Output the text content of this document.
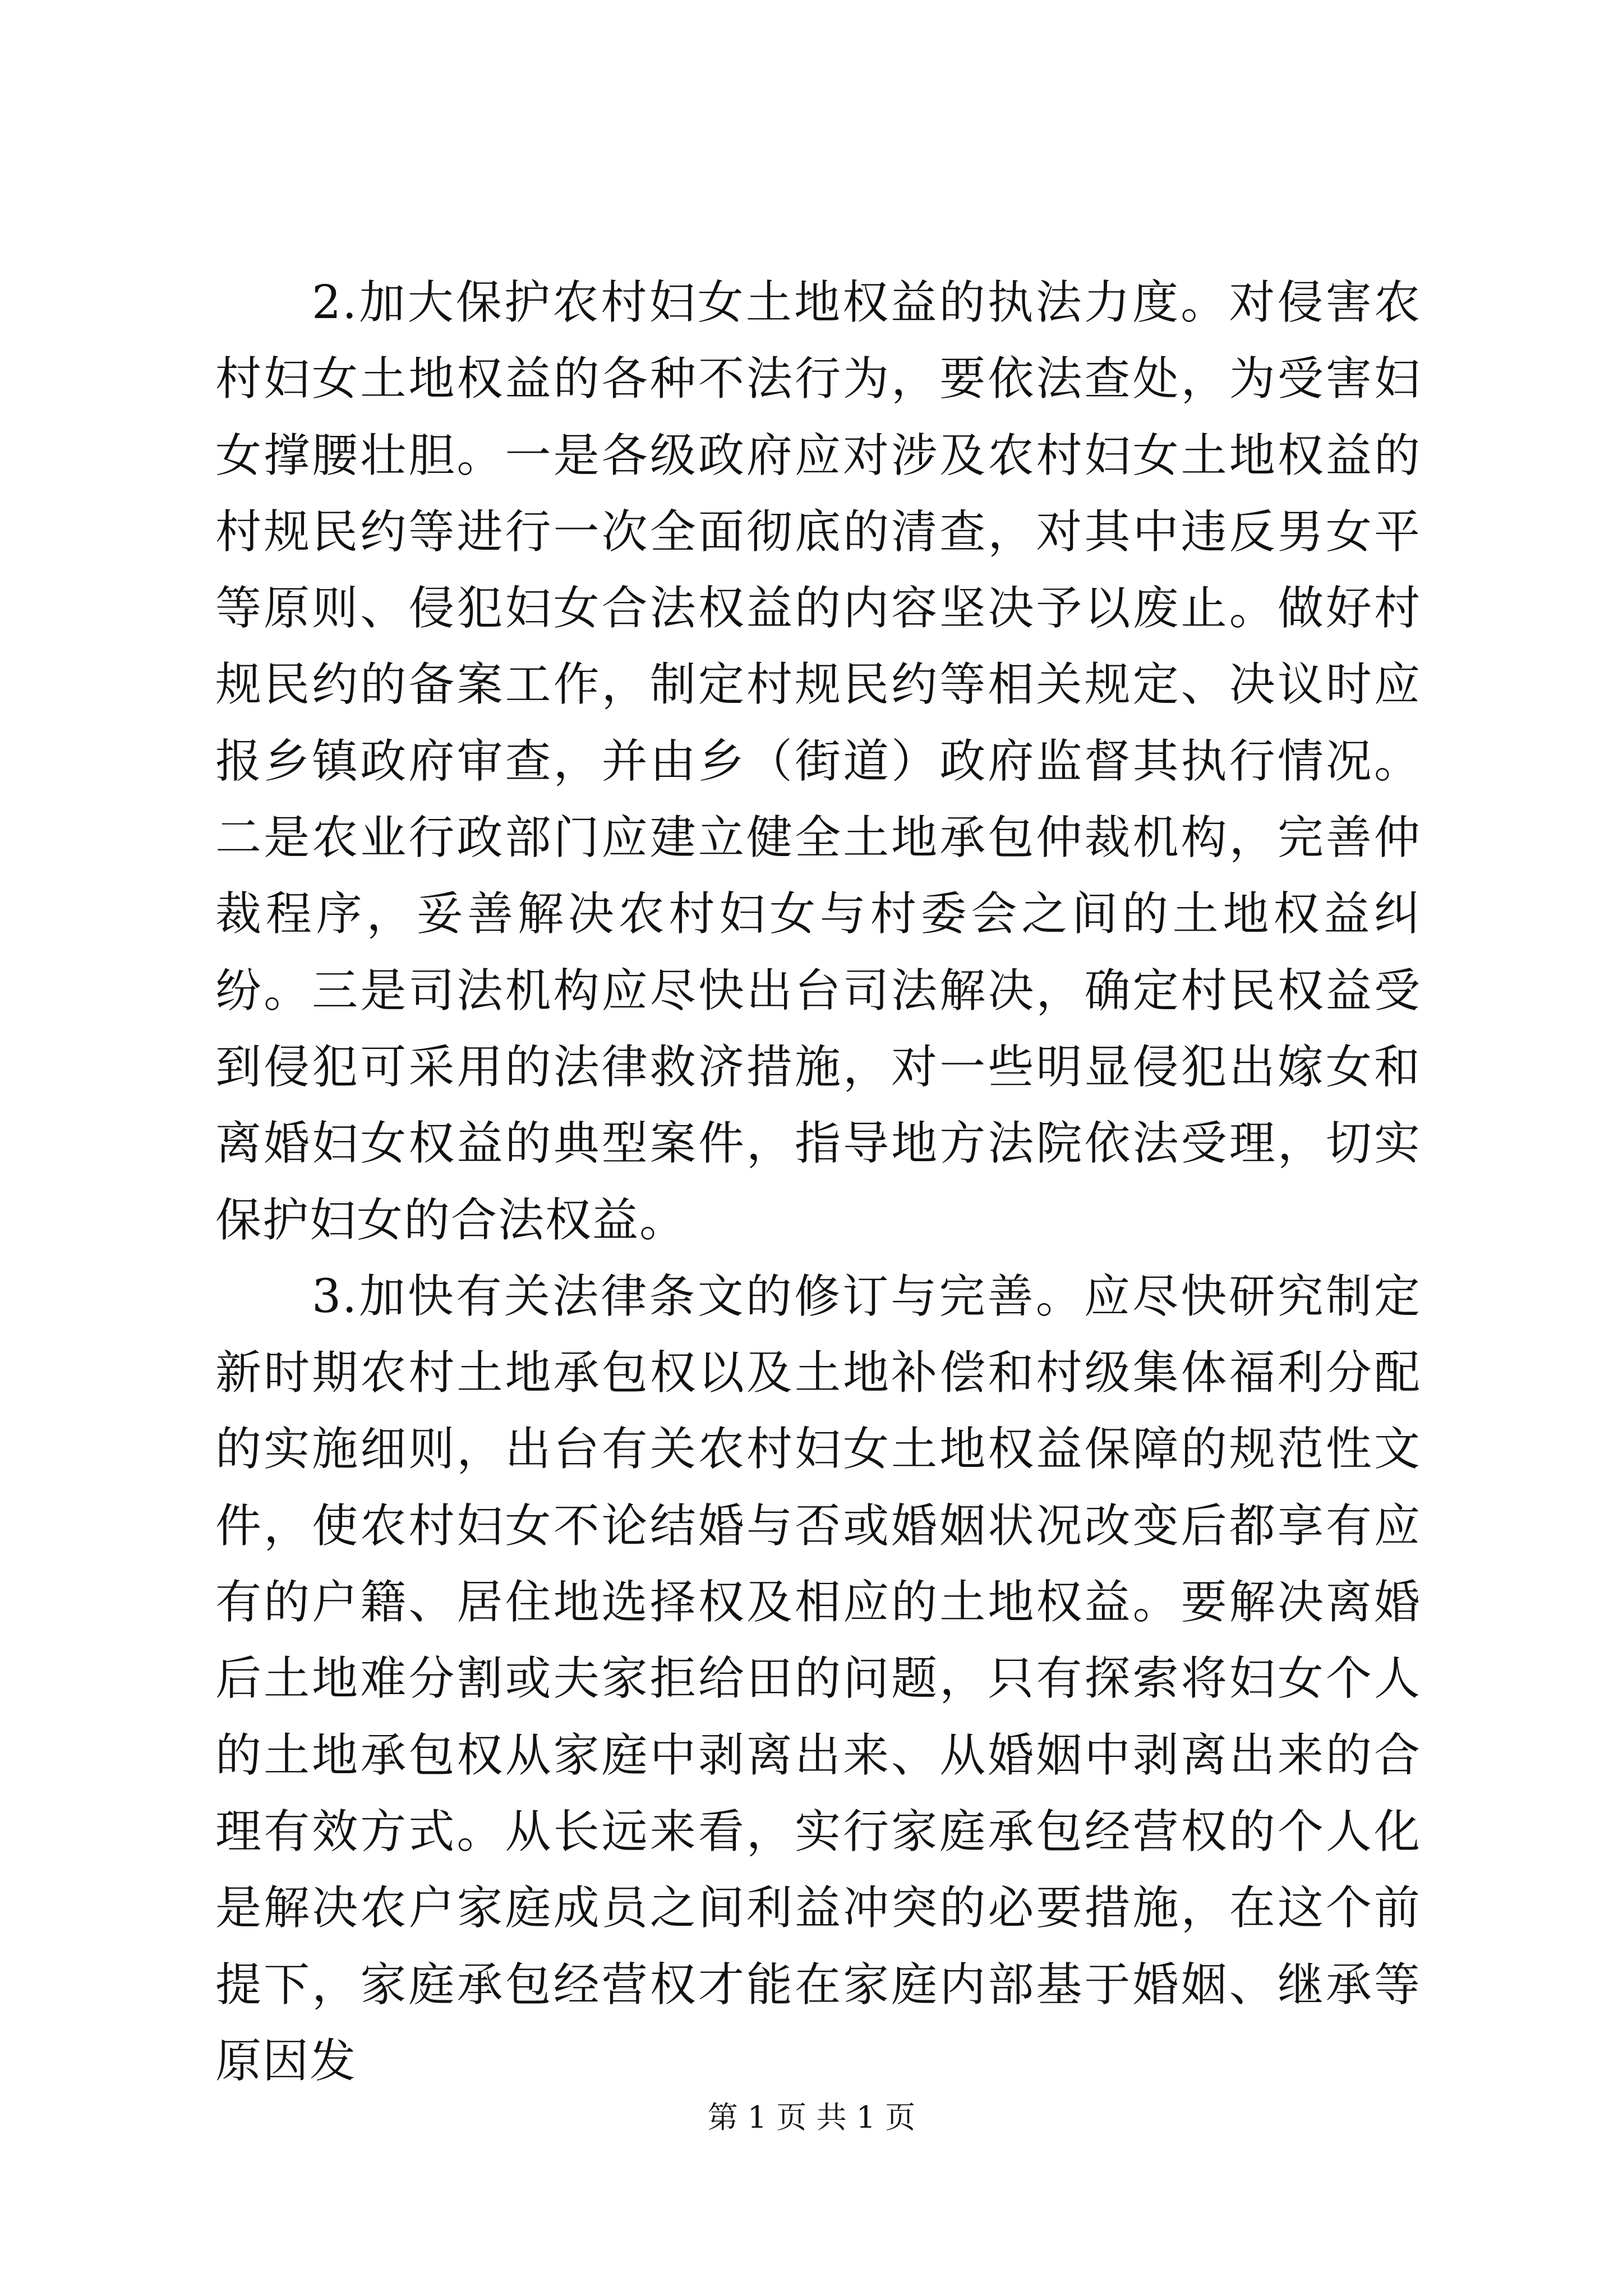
2.加大保护农村妇女土地权益的执法力度。对侵害农村妇女土地权益的各种不法行为，要依法查处，为受害妇女撑腰壮胆。一是各级政府应对涉及农村妇女土地权益的村规民约等进行一次全面彻底的清查，对其中违反男女平等原则、侵犯妇女合法权益的内容坚决予以废止。做好村规民约的备案工作，制定村规民约等相关规定、决议时应报乡镇政府审查，并由乡（街道）政府监督其执行情况。二是农业行政部门应建立健全土地承包仲裁机构，完善仲裁程序，妥善解决农村妇女与村委会之间的土地权益纠纷。三是司法机构应尽快出台司法解决，确定村民权益受到侵犯可采用的法律救济措施，对一些明显侵犯出嫁女和离婚妇女权益的典型案件，指导地方法院依法受理，切实保护妇女的合法权益。

3.加快有关法律条文的修订与完善。应尽快研究制定新时期农村土地承包权以及土地补偿和村级集体福利分配的实施细则，出台有关农村妇女土地权益保障的规范性文件，使农村妇女不论结婚与否或婚姻状况改变后都享有应有的户籍、居住地选择权及相应的土地权益。要解决离婚后土地难分割或夫家拒给田的问题，只有探索将妇女个人的土地承包权从家庭中剥离出来、从婚姻中剥离出来的合理有效方式。从长远来看，实行家庭承包经营权的个人化是解决农户家庭成员之间利益冲突的必要措施，在这个前提下，家庭承包经营权才能在家庭内部基于婚姻、继承等原因发

第 1 页 共 1 页
